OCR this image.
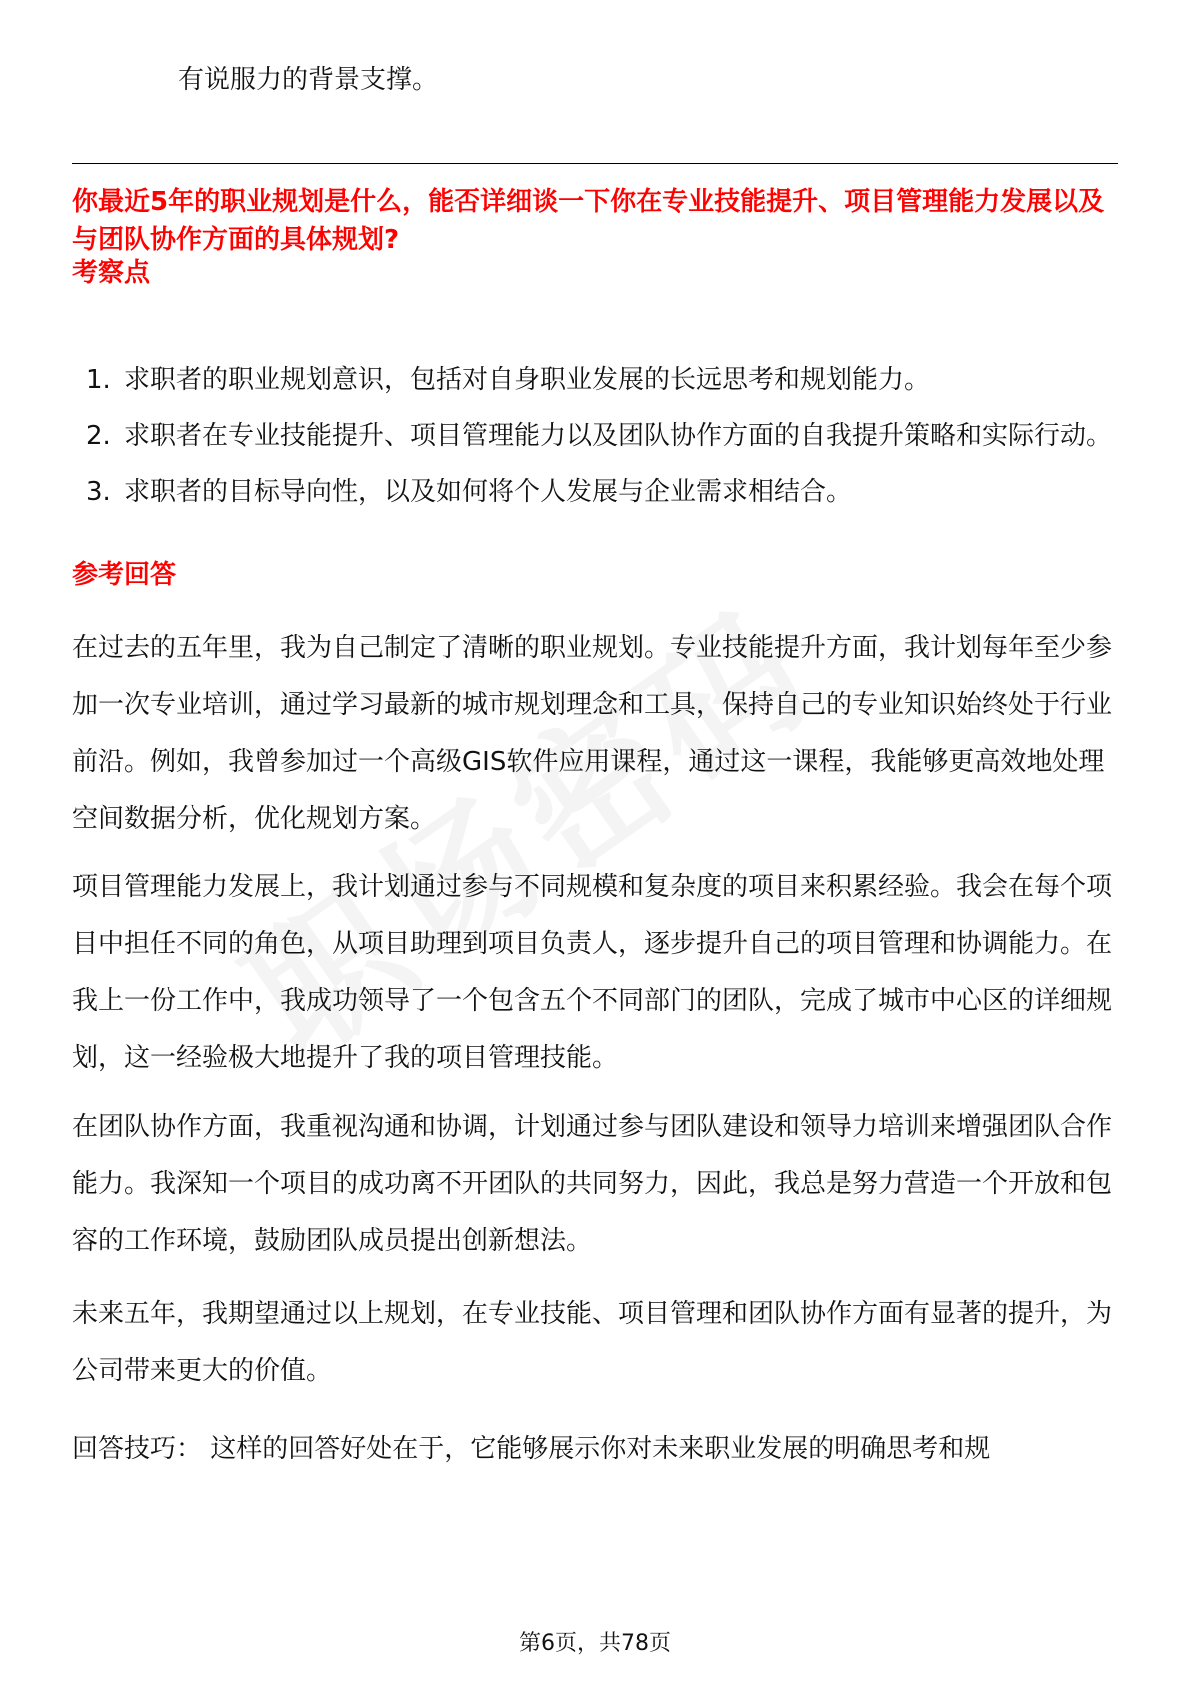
有说服力的背景支撑。

你最近5年的职业规划是什么，能否详细谈一下你在专业技能提升、项目管理能力发展以及与团队协作方面的具体规划?

考察点

1. 求职者的职业规划意识，包括对自身职业发展的长远思考和规划能力。
2. 求职者在专业技能提升、项目管理能力以及团队协作方面的自我提升策略和实际行动。
3. 求职者的目标导向性，以及如何将个人发展与企业需求相结合。

参考回答

在过去的五年里，我为自己制定了清晰的职业规划。专业技能提升方面，我计划每年至少参加一次专业培训，通过学习最新的城市规划理念和工具，保持自己的专业知识始终处于行业前沿。例如，我曾参加过一个高级GIS软件应用课程，通过这一课程，我能够更高效地处理空间数据分析，优化规划方案。

项目管理能力发展上，我计划通过参与不同规模和复杂度的项目来积累经验。我会在每个项目中担任不同的角色，从项目助理到项目负责人，逐步提升自己的项目管理和协调能力。在我上一份工作中，我成功领导了一个包含五个不同部门的团队，完成了城市中心区的详细规划，这一经验极大地提升了我的项目管理技能。

在团队协作方面，我重视沟通和协调，计划通过参与团队建设和领导力培训来增强团队合作能力。我深知一个项目的成功离不开团队的共同努力，因此，我总是努力营造一个开放和包容的工作环境，鼓励团队成员提出创新想法。

未来五年，我期望通过以上规划，在专业技能、项目管理和团队协作方面有显著的提升，为公司带来更大的价值。

回答技巧： 这样的回答好处在于，它能够展示你对未来职业发展的明确思考和规

第6页，共78页
